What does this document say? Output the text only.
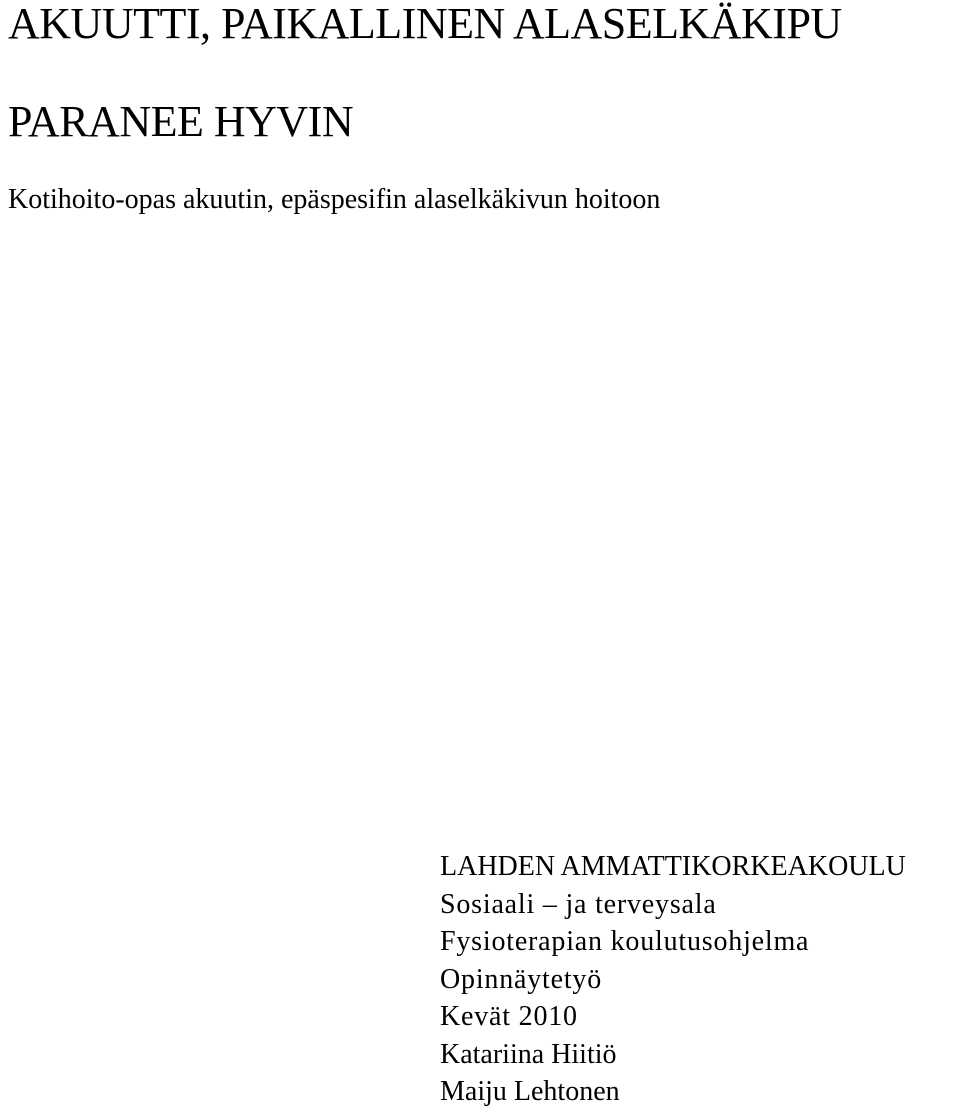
AKUUTTI, PAIKALLINEN ALASELKÄKIPU
PARANEE HYVIN
Kotihoito-opas akuutin, epäspesifin alaselkäkivun hoitoon
LAHDEN AMMATTIKORKEAKOULU
Sosiaali – ja terveysala
Fysioterapian koulutusohjelma
Opinnäytetyö
Kevät 2010
Katariina Hiitiö
Maiju Lehtonen
